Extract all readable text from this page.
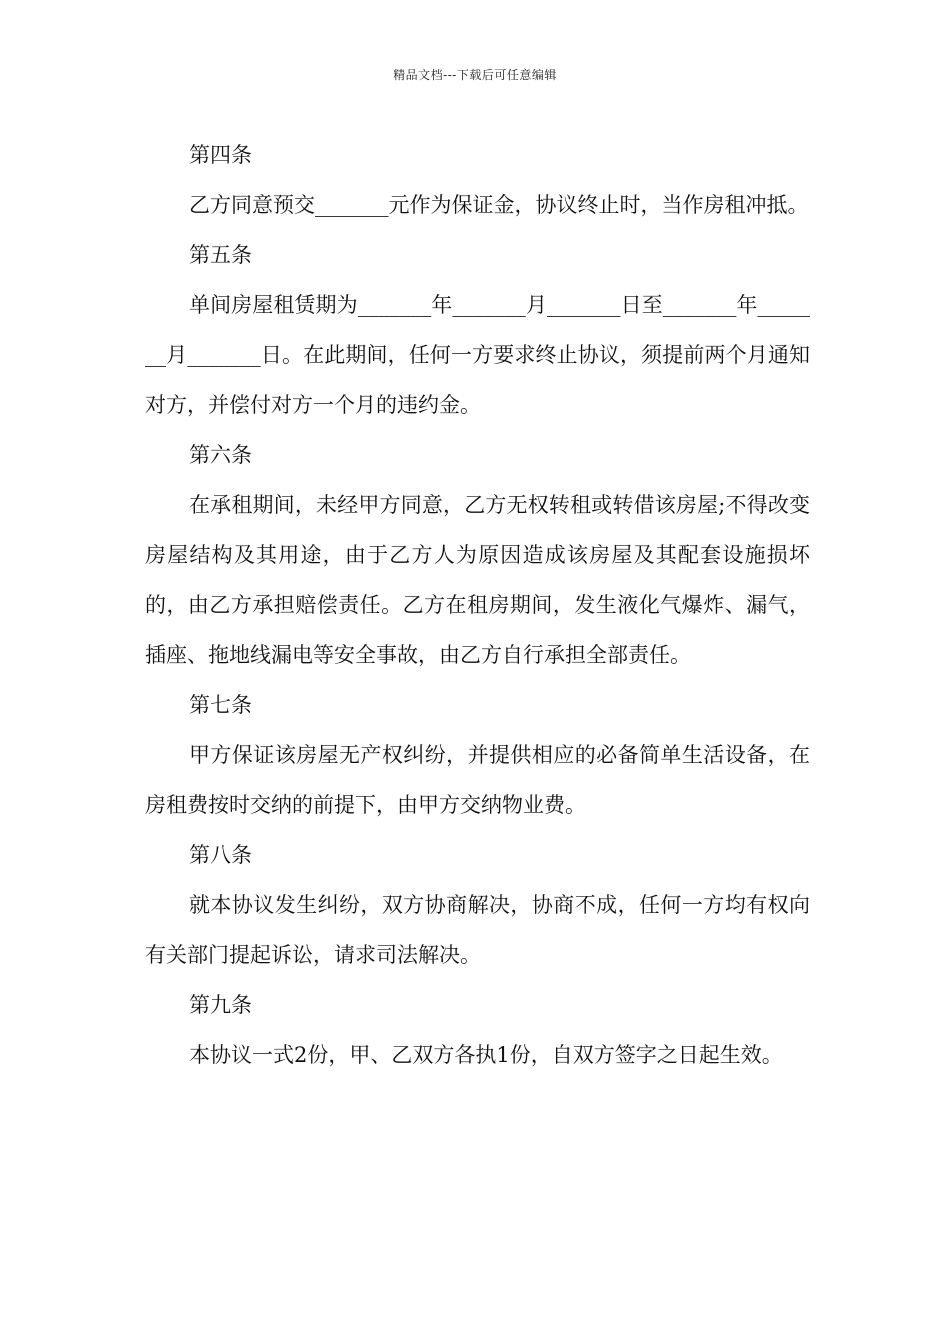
精品文档---下载后可任意编辑
第四条

乙方同意预交_______元作为保证金，协议终止时，当作房租冲抵。

第五条

单间房屋租赁期为_______年_______月_______日至_______年_______月_______日。在此期间，任何一方要求终止协议，须提前两个月通知对方，并偿付对方一个月的违约金。

第六条

在承租期间，未经甲方同意，乙方无权转租或转借该房屋;不得改变房屋结构及其用途，由于乙方人为原因造成该房屋及其配套设施损坏的，由乙方承担赔偿责任。乙方在租房期间，发生液化气爆炸、漏气，插座、拖地线漏电等安全事故，由乙方自行承担全部责任。

第七条

甲方保证该房屋无产权纠纷，并提供相应的必备简单生活设备，在房租费按时交纳的前提下，由甲方交纳物业费。

第八条

就本协议发生纠纷，双方协商解决，协商不成，任何一方均有权向有关部门提起诉讼，请求司法解决。

第九条

本协议一式2份，甲、乙双方各执1份，自双方签字之日起生效。
